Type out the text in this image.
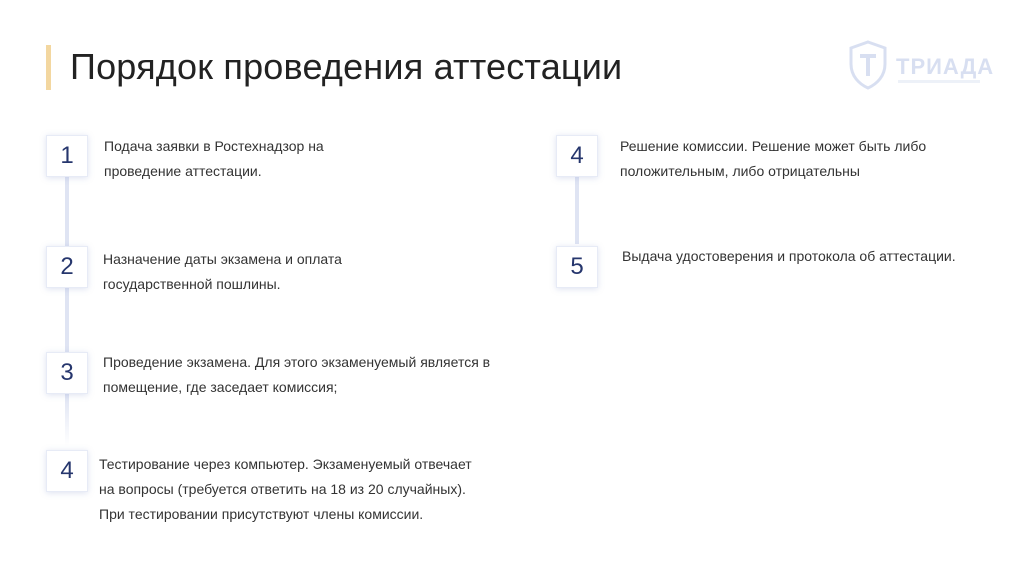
Порядок проведения аттестации	ТРИАДА
1	Подача заявки в Ростехнадзор на проведение аттестации.
2	Назначение даты экзамена и оплата государственной пошлины.
3	Проведение экзамена. Для этого экзаменуемый является в помещение, где заседает комиссия;
4	Тестирование через компьютер. Экзаменуемый отвечает на вопросы (требуется ответить на 18 из 20 случайных). При тестировании присутствуют члены комиссии.
4	Решение комиссии. Решение может быть либо положительным, либо отрицательны
5	Выдача удостоверения и протокола об аттестации.
